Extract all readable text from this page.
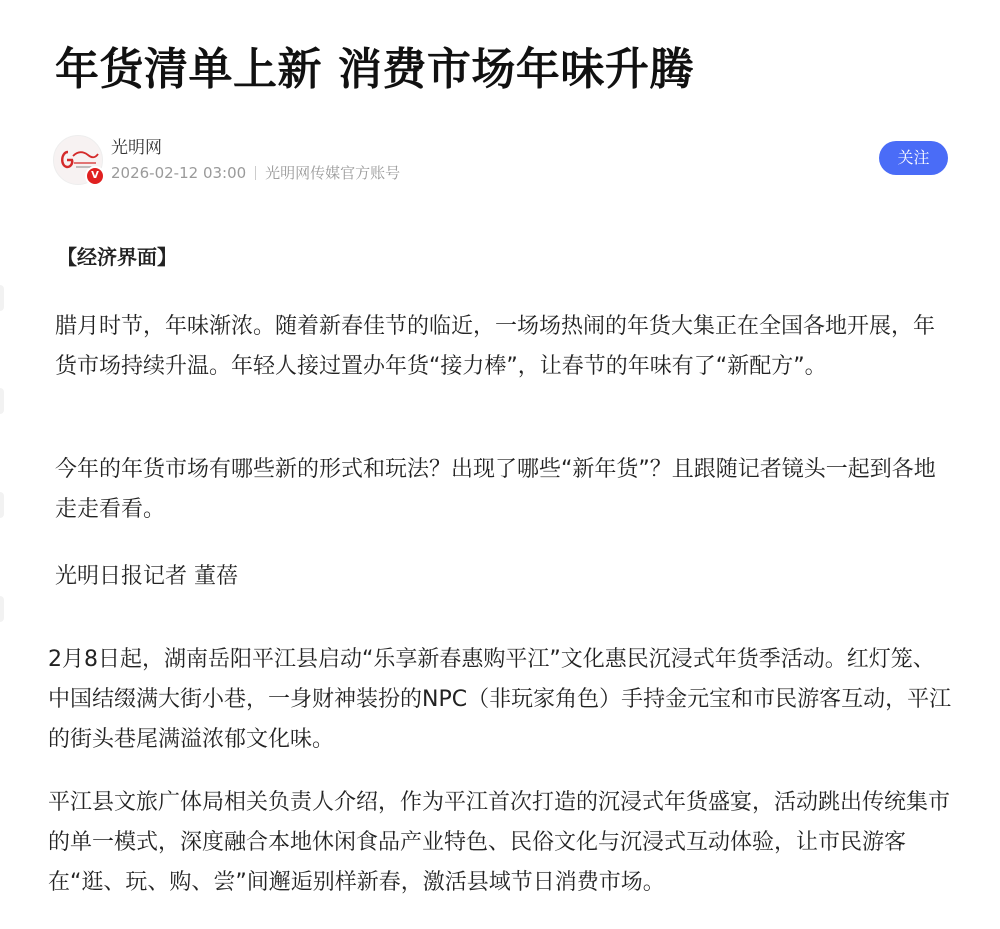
年货清单上新 消费市场年味升腾
V
光明网
2026-02-12 03:00 光明网传媒官方账号
关注

【经济界面】

腊月时节，年味渐浓。随着新春佳节的临近，一场场热闹的年货大集正在全国各地开展，年货市场持续升温。年轻人接过置办年货“接力棒”，让春节的年味有了“新配方”。

今年的年货市场有哪些新的形式和玩法？出现了哪些“新年货”？且跟随记者镜头一起到各地走走看看。

光明日报记者 董蓓

2月8日起，湖南岳阳平江县启动“乐享新春惠购平江”文化惠民沉浸式年货季活动。红灯笼、中国结缀满大街小巷，一身财神装扮的NPC（非玩家角色）手持金元宝和市民游客互动，平江的街头巷尾满溢浓郁文化味。

平江县文旅广体局相关负责人介绍，作为平江首次打造的沉浸式年货盛宴，活动跳出传统集市的单一模式，深度融合本地休闲食品产业特色、民俗文化与沉浸式互动体验，让市民游客在“逛、玩、购、尝”间邂逅别样新春，激活县域节日消费市场。
